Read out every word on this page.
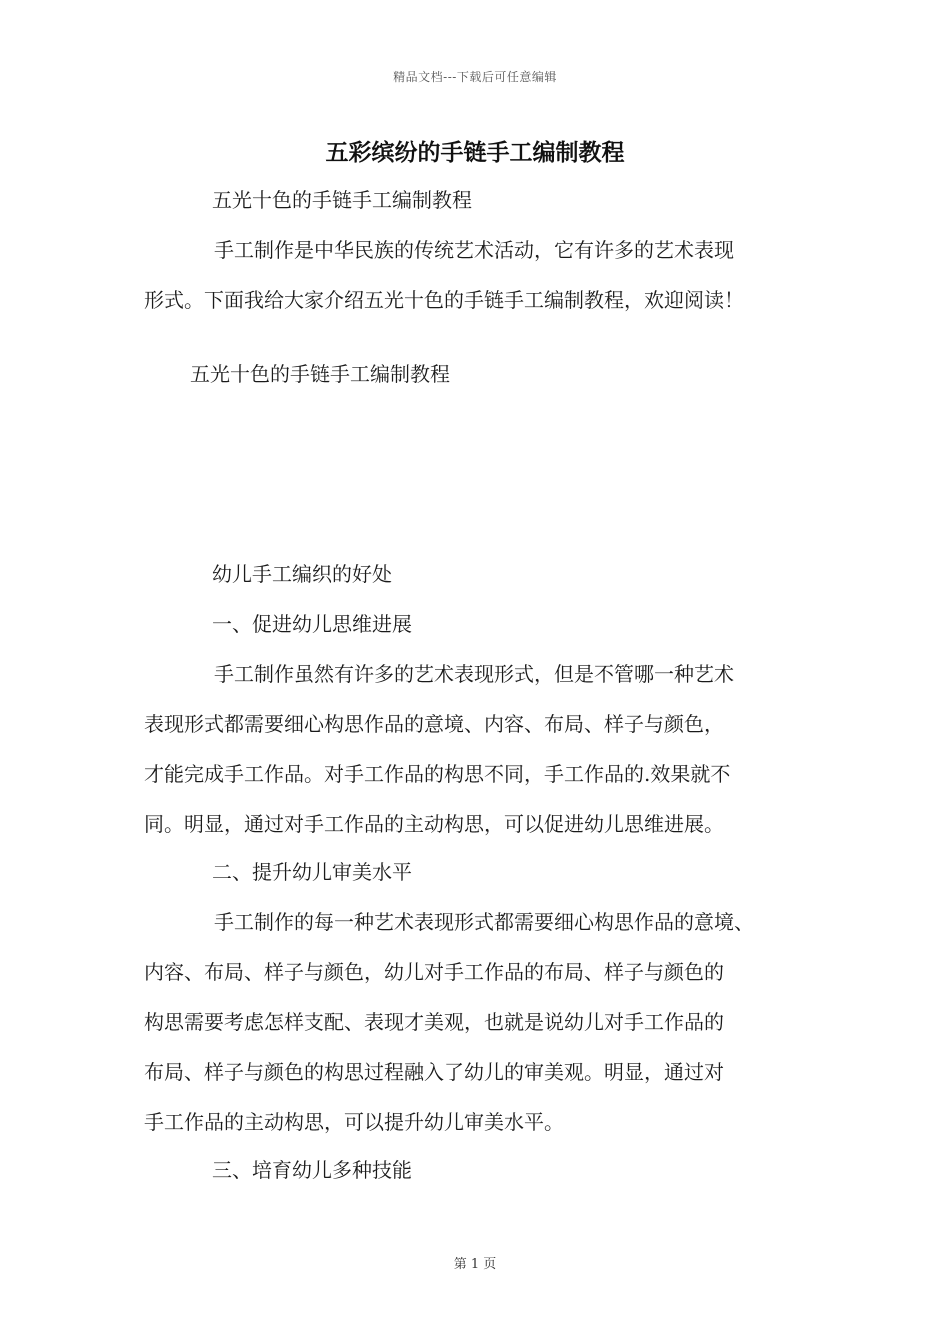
精品文档---下载后可任意编辑
五彩缤纷的手链手工编制教程
五光十色的手链手工编制教程
手工制作是中华民族的传统艺术活动，它有许多的艺术表现
形式。下面我给大家介绍五光十色的手链手工编制教程，欢迎阅读！
五光十色的手链手工编制教程
幼儿手工编织的好处
一、促进幼儿思维进展
手工制作虽然有许多的艺术表现形式，但是不管哪一种艺术
表现形式都需要细心构思作品的意境、内容、布局、样子与颜色，
才能完成手工作品。对手工作品的构思不同，手工作品的.效果就不
同。明显，通过对手工作品的主动构思，可以促进幼儿思维进展。
二、提升幼儿审美水平
手工制作的每一种艺术表现形式都需要细心构思作品的意境、
内容、布局、样子与颜色，幼儿对手工作品的布局、样子与颜色的
构思需要考虑怎样支配、表现才美观，也就是说幼儿对手工作品的
布局、样子与颜色的构思过程融入了幼儿的审美观。明显，通过对
手工作品的主动构思，可以提升幼儿审美水平。
三、培育幼儿多种技能
第 1 页
